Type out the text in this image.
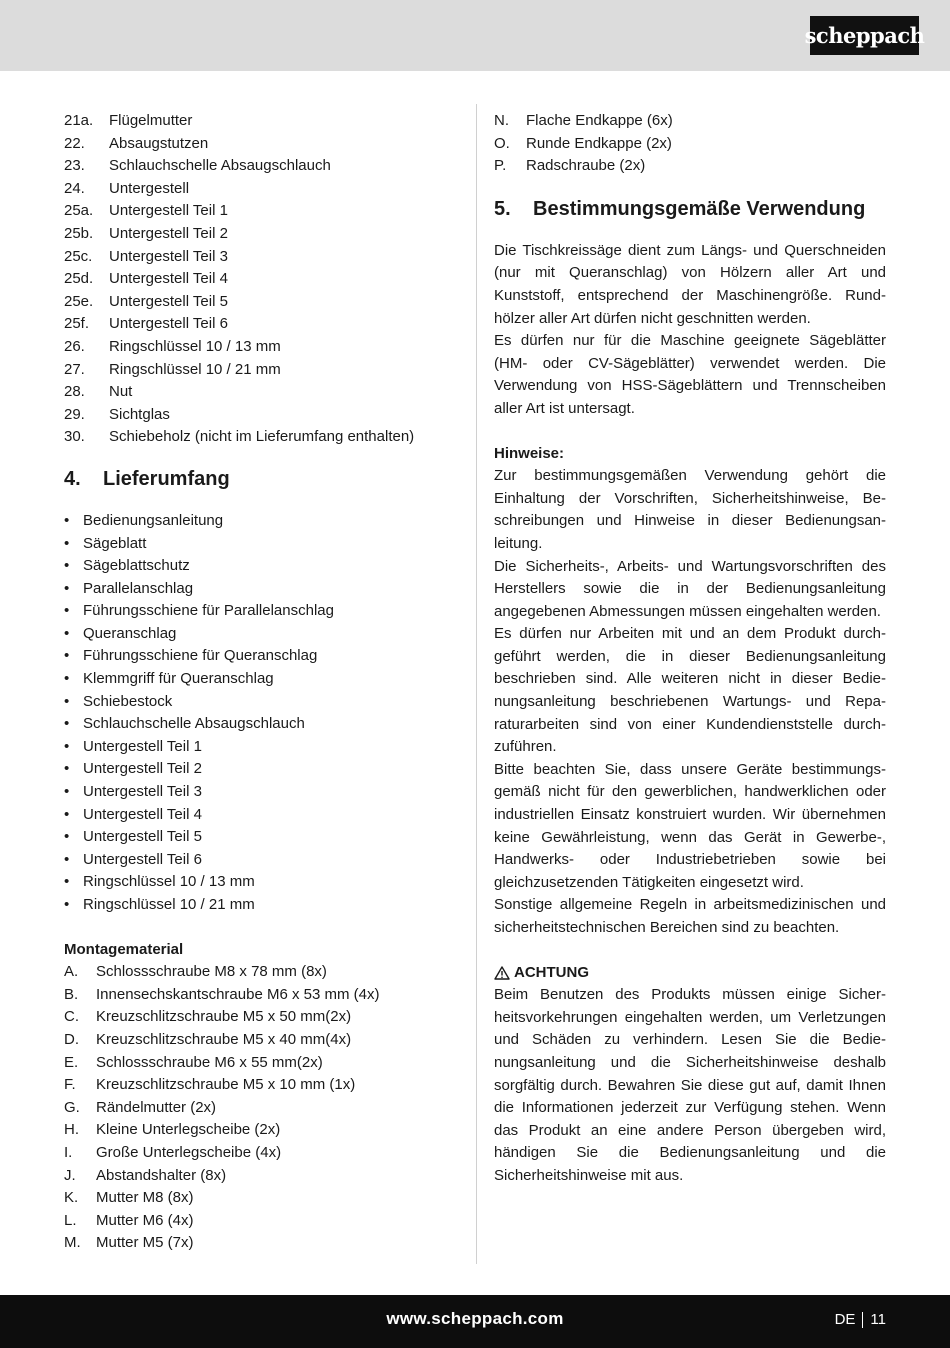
scheppach
21a.	Flügelmutter
22.	Absaugstutzen
23.	Schlauchschelle Absaugschlauch
24.	Untergestell
25a.	Untergestell Teil 1
25b.	Untergestell Teil 2
25c.	Untergestell Teil 3
25d.	Untergestell Teil 4
25e.	Untergestell Teil 5
25f.	Untergestell Teil 6
26.	Ringschlüssel 10 / 13 mm
27.	Ringschlüssel 10 / 21 mm
28.	Nut
29.	Sichtglas
30.	Schiebeholz (nicht im Lieferumfang enthalten)
4.	Lieferumfang
• Bedienungsanleitung
• Sägeblatt
• Sägeblattschutz
• Parallelanschlag
• Führungsschiene für Parallelanschlag
• Queranschlag
• Führungsschiene für Queranschlag
• Klemmgriff für Queranschlag
• Schiebestock
• Schlauchschelle Absaugschlauch
• Untergestell Teil 1
• Untergestell Teil 2
• Untergestell Teil 3
• Untergestell Teil 4
• Untergestell Teil 5
• Untergestell Teil 6
• Ringschlüssel 10 / 13 mm
• Ringschlüssel 10 / 21 mm
Montagematerial
A.	Schlossschraube M8 x 78 mm (8x)
B.	Innensechskantschraube M6 x 53 mm (4x)
C.	Kreuzschlitzschraube M5 x 50 mm(2x)
D.	Kreuzschlitzschraube M5 x 40 mm(4x)
E.	Schlossschraube M6 x 55 mm(2x)
F.	Kreuzschlitzschraube M5 x 10 mm (1x)
G.	Rändelmutter (2x)
H.	Kleine Unterlegscheibe (2x)
I.	Große Unterlegscheibe (4x)
J.	Abstandshalter (8x)
K.	Mutter M8 (8x)
L.	Mutter M6 (4x)
M.	Mutter M5 (7x)
N.	Flache Endkappe (6x)
O.	Runde Endkappe (2x)
P.	Radschraube (2x)
5.	Bestimmungsgemäße Verwendung
Die Tischkreissäge dient zum Längs- und Querschneiden (nur mit Queranschlag) von Hölzern aller Art und Kunststoff, entsprechend der Maschinengröße. Rundhölzer aller Art dürfen nicht geschnitten werden.
Es dürfen nur für die Maschine geeignete Sägeblätter (HM- oder CV-Sägeblätter) verwendet werden. Die Verwendung von HSS-Sägeblättern und Trennscheiben aller Art ist untersagt.
Hinweise:
Zur bestimmungsgemäßen Verwendung gehört die Einhaltung der Vorschriften, Sicherheitshinweise, Beschreibungen und Hinweise in dieser Bedienungsanleitung.
Die Sicherheits-, Arbeits- und Wartungsvorschriften des Herstellers sowie die in der Bedienungsanleitung angegebenen Abmessungen müssen eingehalten werden.
Es dürfen nur Arbeiten mit und an dem Produkt durchgeführt werden, die in dieser Bedienungsanleitung beschrieben sind. Alle weiteren nicht in dieser Bedienungsanleitung beschriebenen Wartungs- und Reparaturarbeiten sind von einer Kundendienststelle durchzuführen.
Bitte beachten Sie, dass unsere Geräte bestimmungsgemäß nicht für den gewerblichen, handwerklichen oder industriellen Einsatz konstruiert wurden. Wir übernehmen keine Gewährleistung, wenn das Gerät in Gewerbe-, Handwerks- oder Industriebetrieben sowie bei gleichzusetzenden Tätigkeiten eingesetzt wird.
Sonstige allgemeine Regeln in arbeitsmedizinischen und sicherheitstechnischen Bereichen sind zu beachten.
ACHTUNG
Beim Benutzen des Produkts müssen einige Sicherheitsvorkehrungen eingehalten werden, um Verletzungen und Schäden zu verhindern. Lesen Sie die Bedienungsanleitung und die Sicherheitshinweise deshalb sorgfältig durch. Bewahren Sie diese gut auf, damit Ihnen die Informationen jederzeit zur Verfügung stehen. Wenn das Produkt an eine andere Person übergeben wird, händigen Sie die Bedienungsanleitung und die Sicherheitshinweise mit aus.
www.scheppach.com	DE 11
